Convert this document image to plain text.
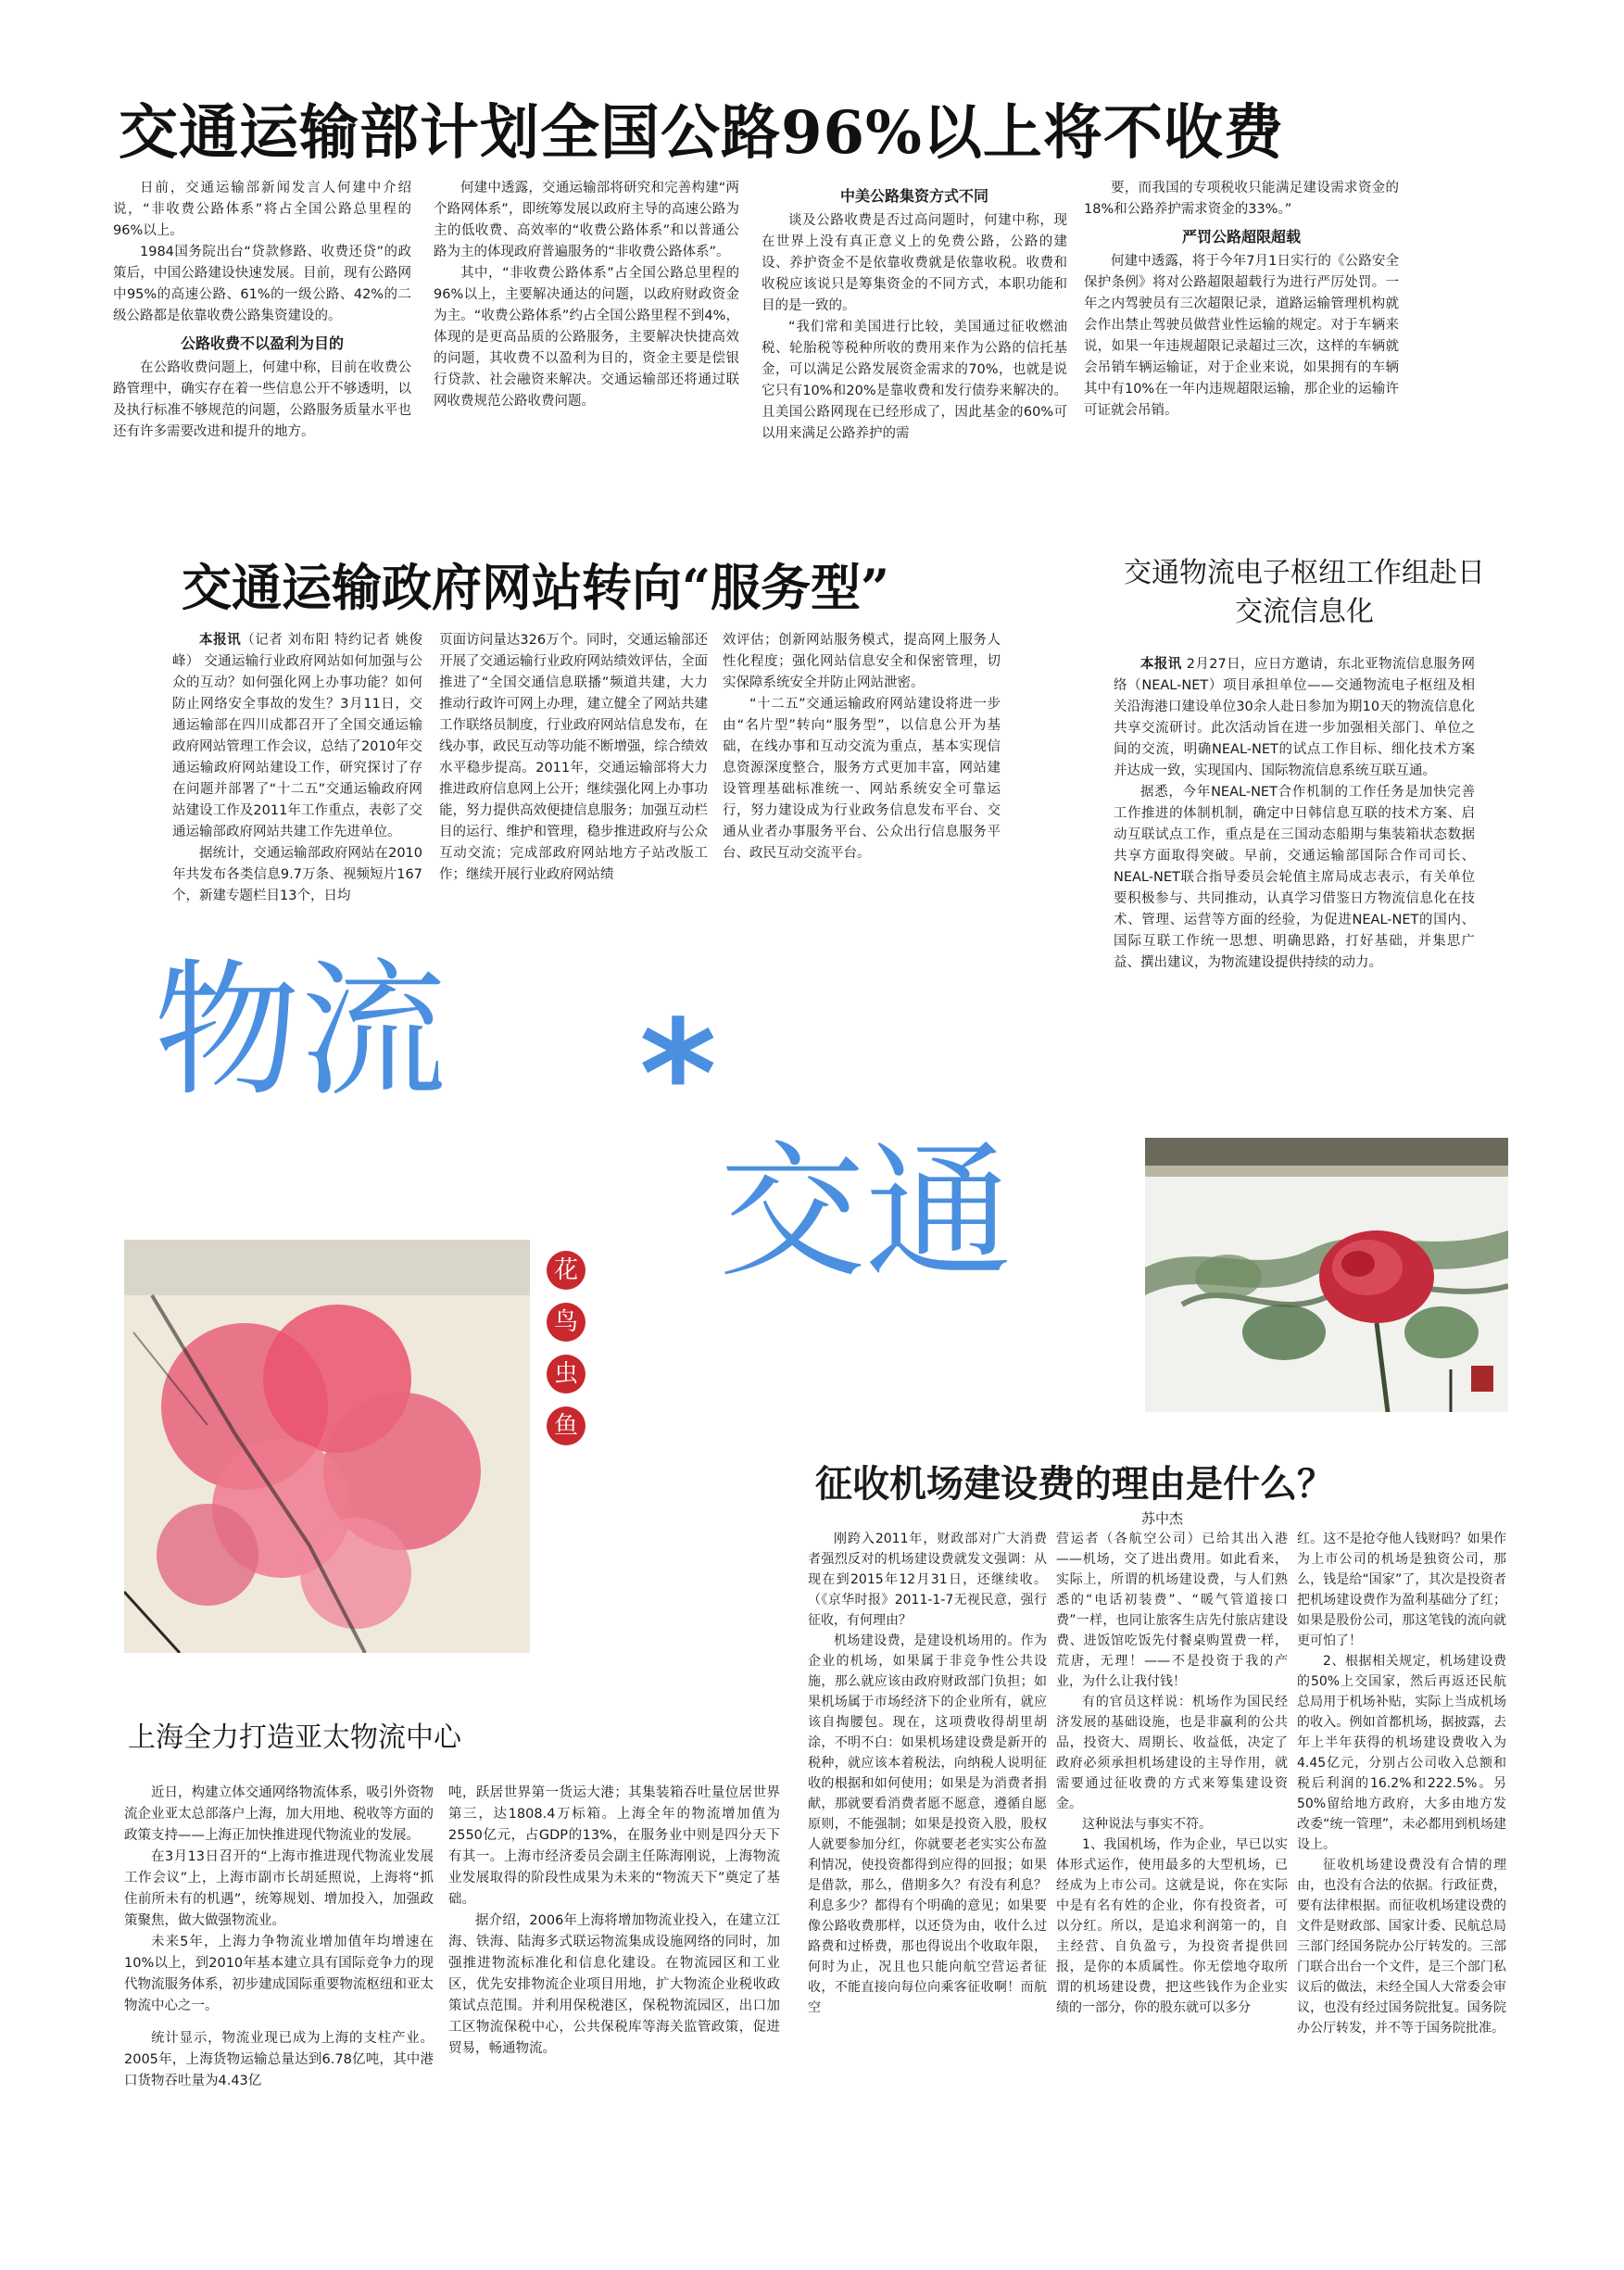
交通运输部计划全国公路96%以上将不收费

日前，交通运输部新闻发言人何建中介绍说，“非收费公路体系”将占全国公路总里程的96%以上。

1984国务院出台“贷款修路、收费还贷”的政策后，中国公路建设快速发展。目前，现有公路网中95%的高速公路、61%的一级公路、42%的二级公路都是依靠收费公路集资建设的。

公路收费不以盈利为目的

在公路收费问题上，何建中称，目前在收费公路管理中，确实存在着一些信息公开不够透明，以及执行标准不够规范的问题，公路服务质量水平也还有许多需要改进和提升的地方。

何建中透露，交通运输部将研究和完善构建“两个路网体系”，即统筹发展以政府主导的高速公路为主的低收费、高效率的“收费公路体系”和以普通公路为主的体现政府普遍服务的“非收费公路体系”。

其中，“非收费公路体系”占全国公路总里程的96%以上，主要解决通达的问题，以政府财政资金为主。“收费公路体系”约占全国公路里程不到4%，体现的是更高品质的公路服务，主要解决快捷高效的问题，其收费不以盈利为目的，资金主要是偿银行贷款、社会融资来解决。交通运输部还将通过联网收费规范公路收费问题。

中美公路集资方式不同

谈及公路收费是否过高问题时，何建中称，现在世界上没有真正意义上的免费公路，公路的建设、养护资金不是依靠收费就是依靠收税。收费和收税应该说只是筹集资金的不同方式，本职功能和目的是一致的。

“我们常和美国进行比较，美国通过征收燃油税、轮胎税等税种所收的费用来作为公路的信托基金，可以满足公路发展资金需求的70%，也就是说它只有10%和20%是靠收费和发行债券来解决的。且美国公路网现在已经形成了，因此基金的60%可以用来满足公路养护的需

要，而我国的专项税收只能满足建设需求资金的18%和公路养护需求资金的33%。”

严罚公路超限超载

何建中透露，将于今年7月1日实行的《公路安全保护条例》将对公路超限超载行为进行严厉处罚。一年之内驾驶员有三次超限记录，道路运输管理机构就会作出禁止驾驶员做营业性运输的规定。对于车辆来说，如果一年违规超限记录超过三次，这样的车辆就会吊销车辆运输证，对于企业来说，如果拥有的车辆其中有10%在一年内违规超限运输，那企业的运输许可证就会吊销。

交通运输政府网站转向“服务型”

本报讯（记者 刘布阳 特约记者 姚俊峰） 交通运输行业政府网站如何加强与公众的互动？如何强化网上办事功能？如何防止网络安全事故的发生？3月11日，交通运输部在四川成都召开了全国交通运输政府网站管理工作会议，总结了2010年交通运输政府网站建设工作，研究探讨了存在问题并部署了“十二五”交通运输政府网站建设工作及2011年工作重点，表彰了交通运输部政府网站共建工作先进单位。

据统计，交通运输部政府网站在2010年共发布各类信息9.7万条、视频短片167个，新建专题栏目13个，日均

页面访问量达326万个。同时，交通运输部还开展了交通运输行业政府网站绩效评估，全面推进了“全国交通信息联播”频道共建，大力推动行政许可网上办理，建立健全了网站共建工作联络员制度，行业政府网站信息发布，在线办事，政民互动等功能不断增强，综合绩效水平稳步提高。2011年，交通运输部将大力推进政府信息网上公开；继续强化网上办事功能，努力提供高效便捷信息服务；加强互动栏目的运行、维护和管理，稳步推进政府与公众互动交流；完成部政府网站地方子站改版工作；继续开展行业政府网站绩

效评估；创新网站服务模式，提高网上服务人性化程度；强化网站信息安全和保密管理，切实保障系统安全并防止网站泄密。

“十二五”交通运输政府网站建设将进一步由“名片型”转向“服务型”，以信息公开为基础，在线办事和互动交流为重点，基本实现信息资源深度整合，服务方式更加丰富，网站建设管理基础标准统一、网站系统安全可靠运行，努力建设成为行业政务信息发布平台、交通从业者办事服务平台、公众出行信息服务平台、政民互动交流平台。

交通物流电子枢纽工作组赴日交流信息化

本报讯 2月27日，应日方邀请，东北亚物流信息服务网络（NEAL-NET）项目承担单位——交通物流电子枢纽及相关沿海港口建设单位30余人赴日参加为期10天的物流信息化共享交流研讨。此次活动旨在进一步加强相关部门、单位之间的交流，明确NEAL-NET的试点工作目标、细化技术方案并达成一致，实现国内、国际物流信息系统互联互通。

据悉，今年NEAL-NET合作机制的工作任务是加快完善工作推进的体制机制，确定中日韩信息互联的技术方案、启动互联试点工作，重点是在三国动态船期与集装箱状态数据共享方面取得突破。早前，交通运输部国际合作司司长、NEAL-NET联合指导委员会轮值主席局成志表示，有关单位要积极参与、共同推动，认真学习借鉴日方物流信息化在技术、管理、运营等方面的经验，为促进NEAL-NET的国内、国际互联工作统一思想、明确思路，打好基础，并集思广益、撰出建议，为物流建设提供持续的动力。

物流 *
交通
花
鸟
虫
鱼
征收机场建设费的理由是什么？
苏中杰

刚跨入2011年，财政部对广大消费者强烈反对的机场建设费就发文强调：从现在到2015年12月31日，还继续收。（《京华时报》2011-1-7无视民意，强行征收，有何理由？

机场建设费，是建设机场用的。作为企业的机场，如果属于非竞争性公共设施，那么就应该由政府财政部门负担；如果机场属于市场经济下的企业所有，就应该自掏腰包。现在，这项费收得胡里胡涂，不明不白：如果机场建设费是新开的税种，就应该本着税法，向纳税人说明征收的根据和如何使用；如果是为消费者捐献，那就要看消费者愿不愿意，遵循自愿原则，不能强制；如果是投资入股，股权人就要参加分红，你就要老老实实公布盈利情况，使投资都得到应得的回报；如果是借款，那么，借期多久？有没有利息？利息多少？都得有个明确的意见；如果要像公路收费那样，以还贷为由，收什么过路费和过桥费，那也得说出个收取年限，何时为止，况且也只能向航空营运者征收，不能直接向每位向乘客征收啊！而航空

营运者（各航空公司）已给其出入港——机场，交了进出费用。如此看来，实际上，所谓的机场建设费，与人们熟悉的“电话初装费”、“暖气管道接口费”一样，也同让旅客生店先付旅店建设费、进饭馆吃饭先付餐桌购置费一样，荒唐，无理！——不是投资于我的产业，为什么让我付钱！

有的官员这样说：机场作为国民经济发展的基础设施，也是非赢利的公共品，投资大、周期长、收益低，决定了政府必须承担机场建设的主导作用，就需要通过征收费的方式来筹集建设资金。

这种说法与事实不符。

1、我国机场，作为企业，早已以实体形式运作，使用最多的大型机场，已经成为上市公司。这就是说，你在实际中是有名有姓的企业，你有投资者，可以分红。所以，是追求利润第一的，自主经营、自负盈亏，为投资者提供回报，是你的本质属性。你无偿地夺取所谓的机场建设费，把这些钱作为企业实绩的一部分，你的股东就可以多分

红。这不是抢夺他人钱财吗？如果作为上市公司的机场是独资公司，那么，钱是给“国家”了，其次是投资者把机场建设费作为盈利基础分了红；如果是股份公司，那这笔钱的流向就更可怕了！

2、根据相关规定，机场建设费的50%上交国家，然后再返还民航总局用于机场补贴，实际上当成机场的收入。例如首都机场，据披露，去年上半年获得的机场建设费收入为4.45亿元，分别占公司收入总额和税后利润的16.2%和222.5%。另50%留给地方政府，大多由地方发改委“统一管理”，未必都用到机场建设上。

征收机场建设费没有合情的理由，也没有合法的依据。行政征费，要有法律根据。而征收机场建设费的文件是财政部、国家计委、民航总局三部门经国务院办公厅转发的。三部门联合出台一个文件，是三个部门私议后的做法，未经全国人大常委会审议，也没有经过国务院批复。国务院办公厅转发，并不等于国务院批准。

上海全力打造亚太物流中心

近日，构建立体交通网络物流体系，吸引外资物流企业亚太总部落户上海，加大用地、税收等方面的政策支持——上海正加快推进现代物流业的发展。

在3月13日召开的“上海市推进现代物流业发展工作会议”上，上海市副市长胡延照说，上海将“抓住前所未有的机遇”，统筹规划、增加投入，加强政策聚焦，做大做强物流业。

未来5年，上海力争物流业增加值年均增速在10%以上，到2010年基本建立具有国际竞争力的现代物流服务体系，初步建成国际重要物流枢纽和亚太物流中心之一。

统计显示，物流业现已成为上海的支柱产业。2005年，上海货物运输总量达到6.78亿吨，其中港口货物吞吐量为4.43亿

吨，跃居世界第一货运大港；其集装箱吞吐量位居世界第三，达1808.4万标箱。上海全年的物流增加值为2550亿元，占GDP的13%，在服务业中则是四分天下有其一。上海市经济委员会副主任陈海刚说，上海物流业发展取得的阶段性成果为未来的“物流天下”奠定了基础。

据介绍，2006年上海将增加物流业投入，在建立江海、铁海、陆海多式联运物流集成设施网络的同时，加强推进物流标准化和信息化建设。在物流园区和工业区，优先安排物流企业项目用地，扩大物流企业税收政策试点范围。并利用保税港区，保税物流园区，出口加工区物流保税中心，公共保税库等海关监管政策，促进贸易，畅通物流。
